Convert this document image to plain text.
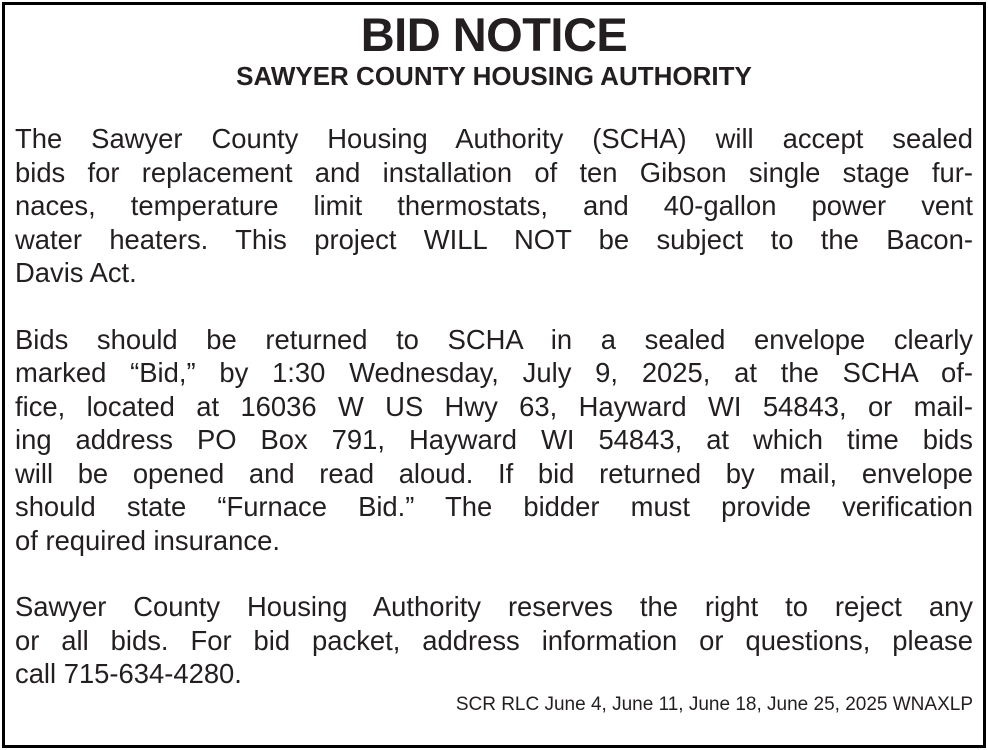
BID NOTICE
SAWYER COUNTY HOUSING AUTHORITY

The Sawyer County Housing Authority (SCHA) will accept sealed
bids for replacement and installation of ten Gibson single stage fur-
naces, temperature limit thermostats, and 40-gallon power vent
water heaters. This project WILL NOT be subject to the Bacon-
Davis Act.

Bids should be returned to SCHA in a sealed envelope clearly
marked “Bid,” by 1:30 Wednesday, July 9, 2025, at the SCHA of-
fice, located at 16036 W US Hwy 63, Hayward WI 54843, or mail-
ing address PO Box 791, Hayward WI 54843, at which time bids
will be opened and read aloud. If bid returned by mail, envelope
should state “Furnace Bid.” The bidder must provide verification
of required insurance.

Sawyer County Housing Authority reserves the right to reject any
or all bids. For bid packet, address information or questions, please
call 715-634-4280.

SCR RLC June 4, June 11, June 18, June 25, 2025 WNAXLP
